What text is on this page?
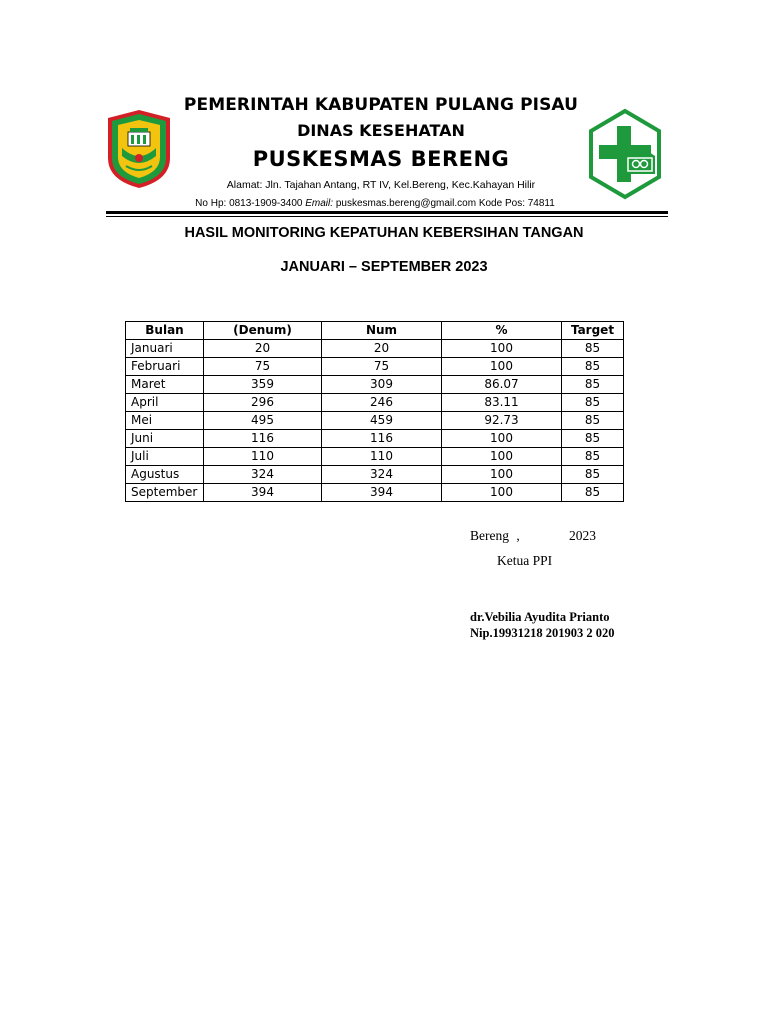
PEMERINTAH KABUPATEN PULANG PISAU
DINAS KESEHATAN
PUSKESMAS BERENG
Alamat: Jln. Tajahan Antang, RT IV, Kel.Bereng, Kec.Kahayan Hilir
No Hp: 0813-1909-3400 Email: puskesmas.bereng@gmail.com Kode Pos: 74811
HASIL MONITORING KEPATUHAN KEBERSIHAN TANGAN
JANUARI – SEPTEMBER 2023
Bulan	(Denum)	Num	%	Target
Januari	20	20	100	85
Februari	75	75	100	85
Maret	359	309	86.07	85
April	296	246	83.11	85
Mei	495	459	92.73	85
Juni	116	116	100	85
Juli	110	110	100	85
Agustus	324	324	100	85
September	394	394	100	85
Bereng ,	2023
Ketua PPI
dr.Vebilia Ayudita Prianto
Nip.19931218 201903 2 020
